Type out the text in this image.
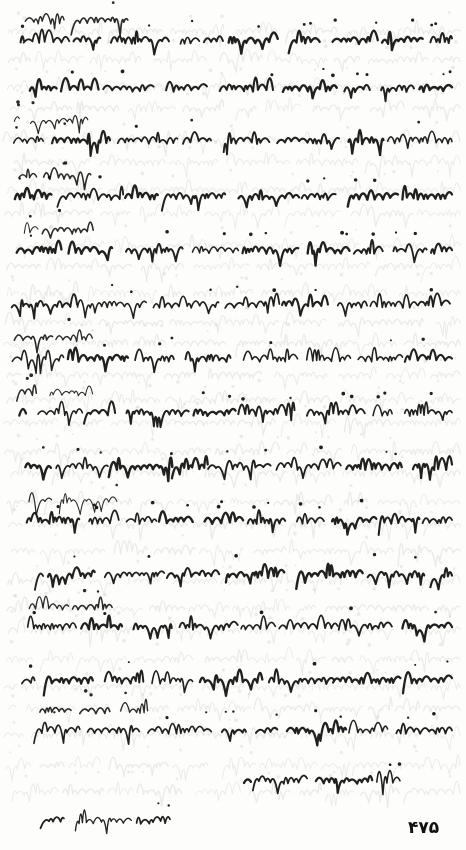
۴۷۵
